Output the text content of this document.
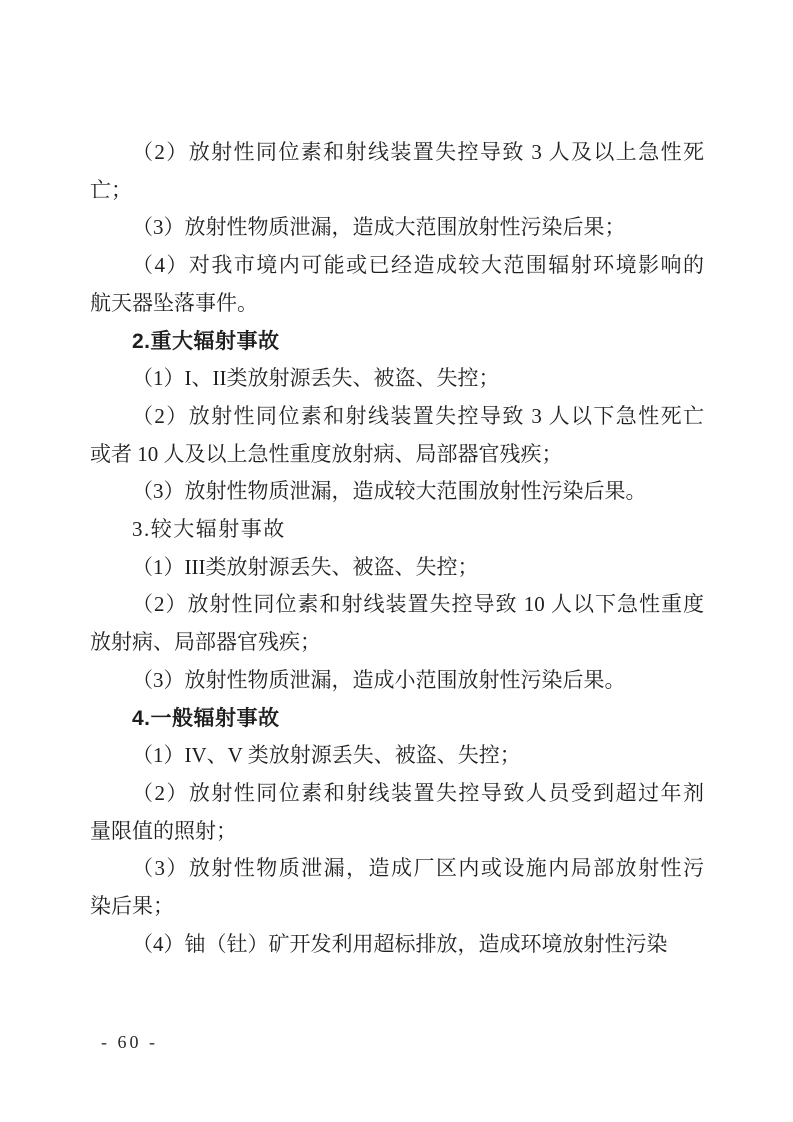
（2）放射性同位素和射线装置失控导致 3 人及以上急性死
亡；

（3）放射性物质泄漏，造成大范围放射性污染后果；

（4）对我市境内可能或已经造成较大范围辐射环境影响的
航天器坠落事件。

2.重大辐射事故

（1）I、II类放射源丢失、被盗、失控；

（2）放射性同位素和射线装置失控导致 3 人以下急性死亡
或者 10 人及以上急性重度放射病、局部器官残疾；

（3）放射性物质泄漏，造成较大范围放射性污染后果。

3.较大辐射事故

（1）III类放射源丢失、被盗、失控；

（2）放射性同位素和射线装置失控导致 10 人以下急性重度
放射病、局部器官残疾；

（3）放射性物质泄漏，造成小范围放射性污染后果。

4.一般辐射事故

（1）IV、V 类放射源丢失、被盗、失控；

（2）放射性同位素和射线装置失控导致人员受到超过年剂
量限值的照射；

（3）放射性物质泄漏，造成厂区内或设施内局部放射性污
染后果；

（4）铀（钍）矿开发利用超标排放，造成环境放射性污染

- 60 -
